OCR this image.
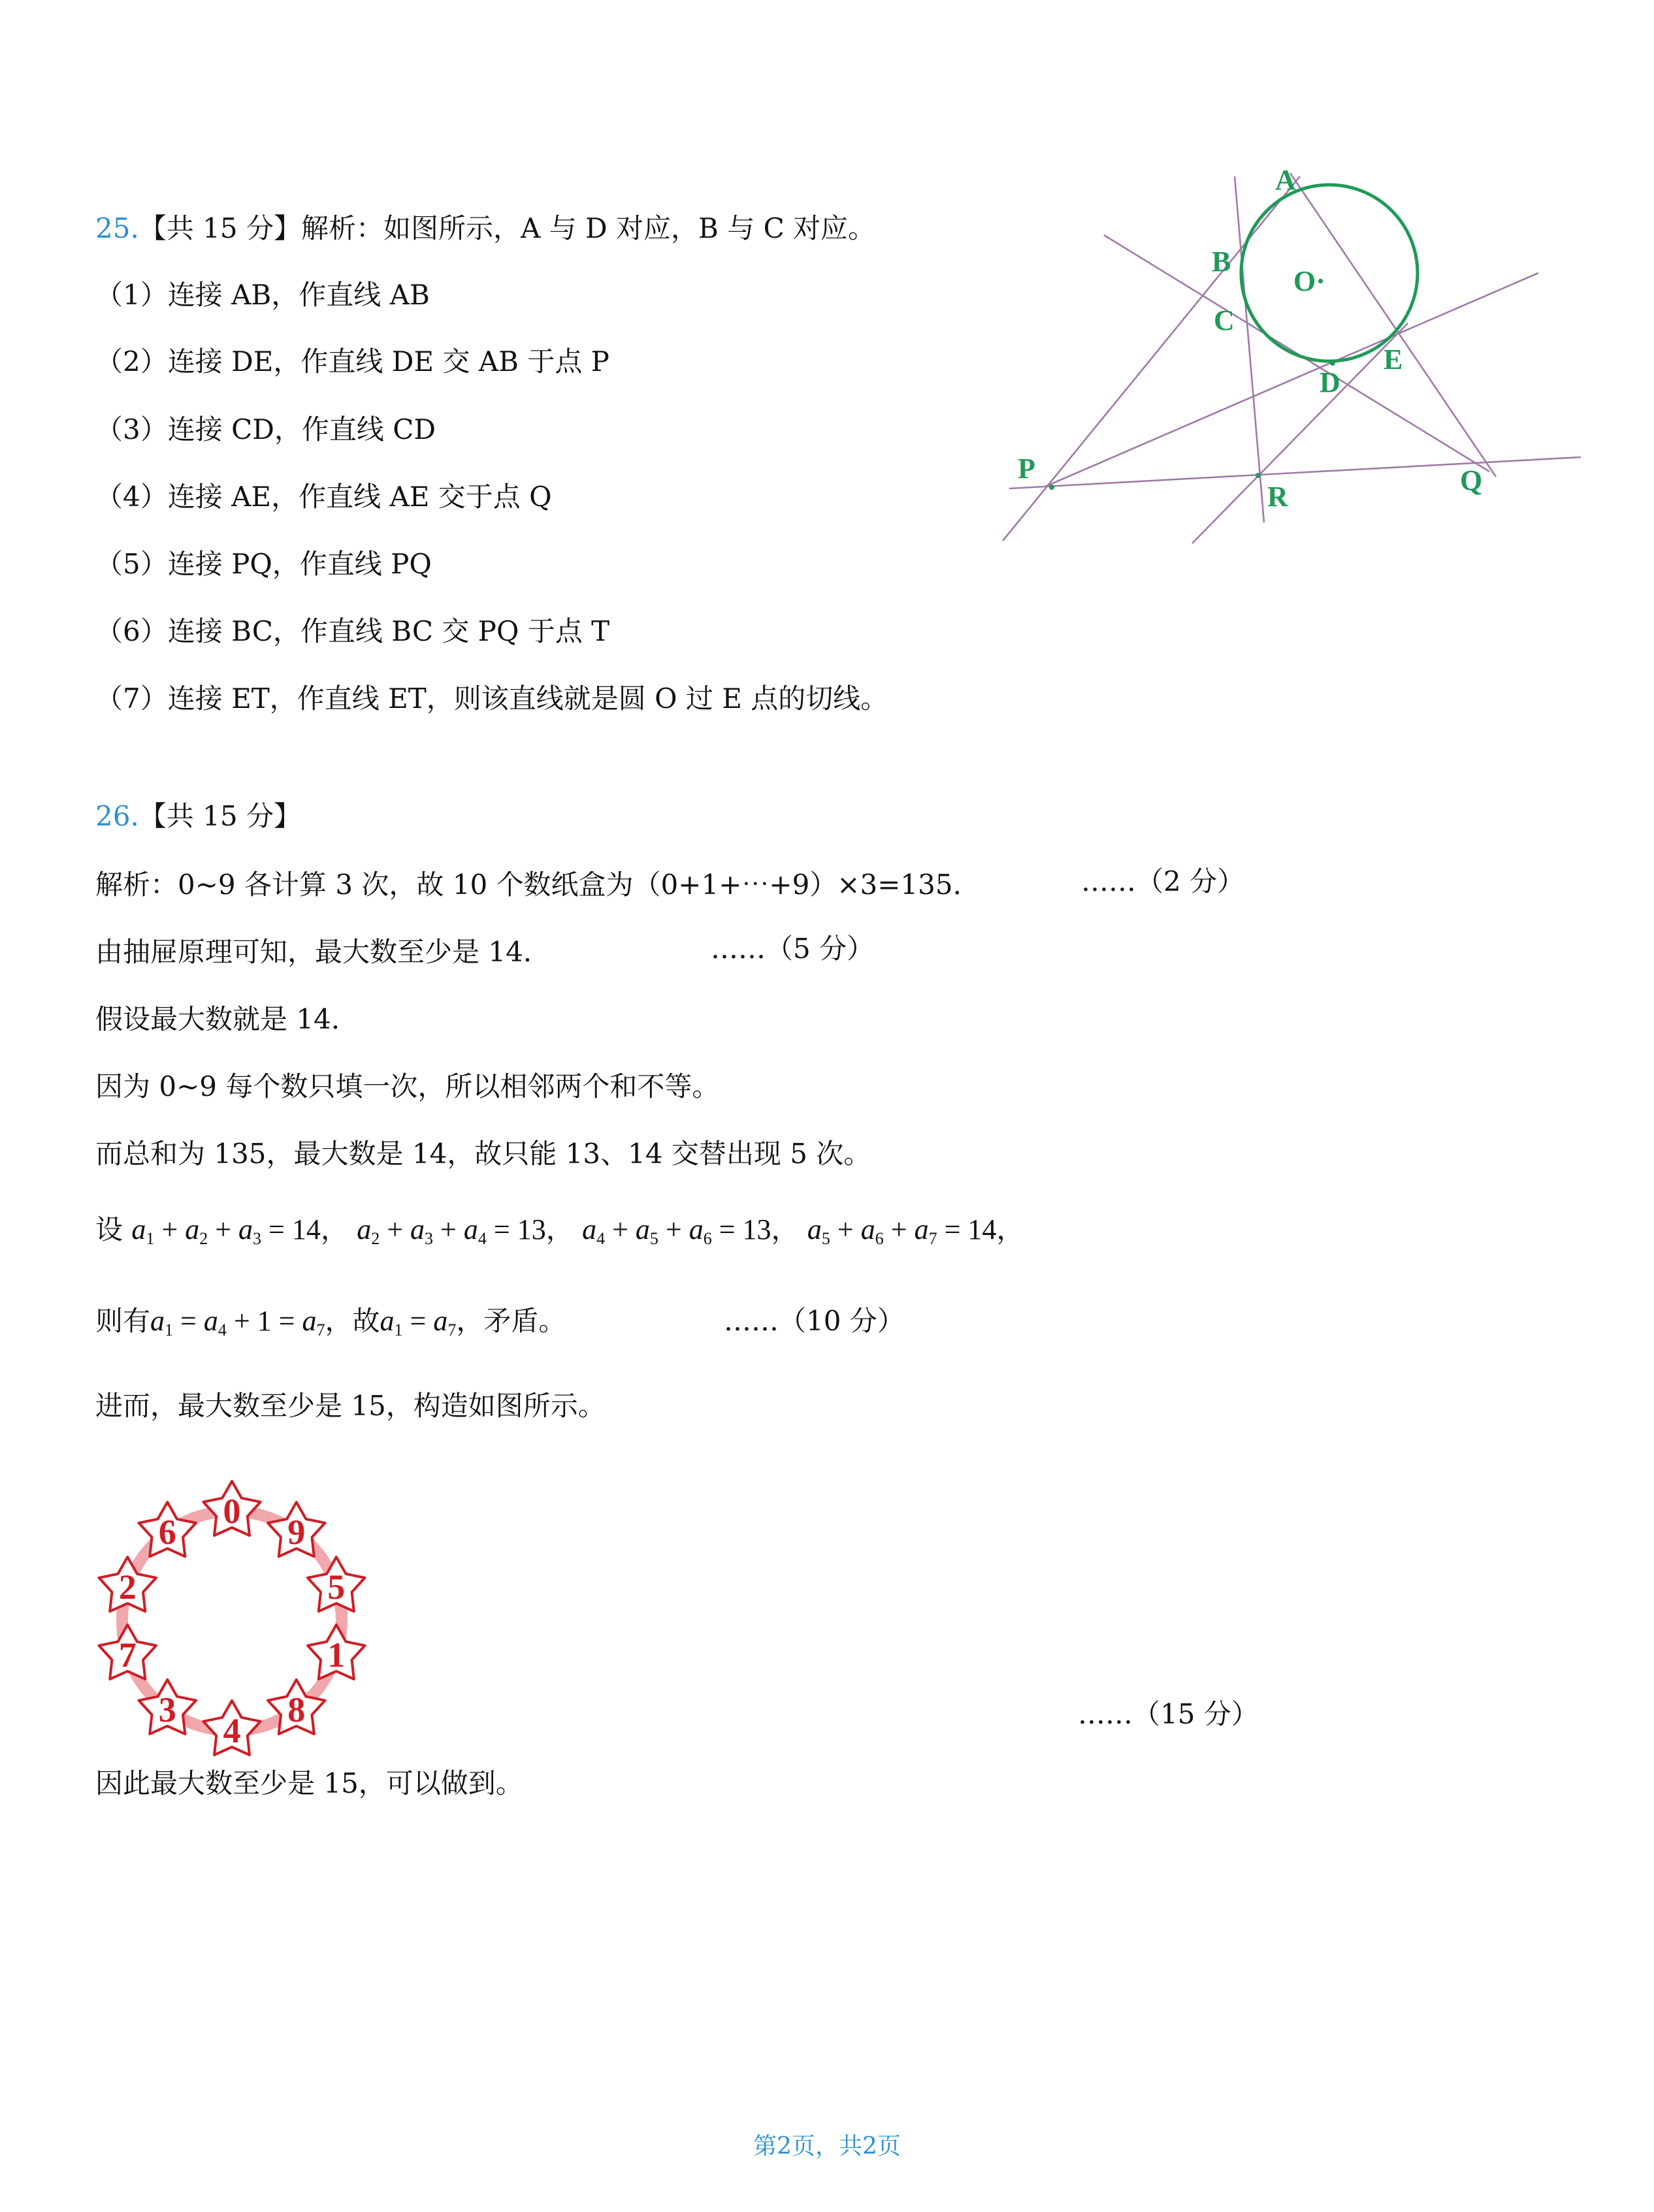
25.【共 15 分】解析：如图所示，A 与 D 对应，B 与 C 对应。
（1）连接 AB，作直线 AB
（2）连接 DE，作直线 DE 交 AB 于点 P
（3）连接 CD，作直线 CD
（4）连接 AE，作直线 AE 交于点 Q
（5）连接 PQ，作直线 PQ
（6）连接 BC，作直线 BC 交 PQ 于点 T
（7）连接 ET，作直线 ET，则该直线就是圆 O 过 E 点的切线。
A
B
C
O·
D
E
P
R
Q
26.【共 15 分】
解析：0~9 各计算 3 次，故 10 个数纸盒为（0+1+⋯+9）×3=135.	……（2 分）
由抽屉原理可知，最大数至少是 14.	……（5 分）
假设最大数就是 14.
因为 0~9 每个数只填一次，所以相邻两个和不等。
而总和为 135，最大数是 14，故只能 13、14 交替出现 5 次。
设 $a_1 + a_2 + a_3 = 14$， $a_2 + a_3 + a_4 = 13$， $a_4 + a_5 + a_6 = 13$， $a_5 + a_6 + a_7 = 14$，
则有$a_1 = a_4 + 1 = a_7$，故$a_1 = a_7$，矛盾。	……（10 分）
进而，最大数至少是 15，构造如图所示。
0
9
5
1
8
4
3
7
2
6
……（15 分）
因此最大数至少是 15，可以做到。
第2页，共2页
